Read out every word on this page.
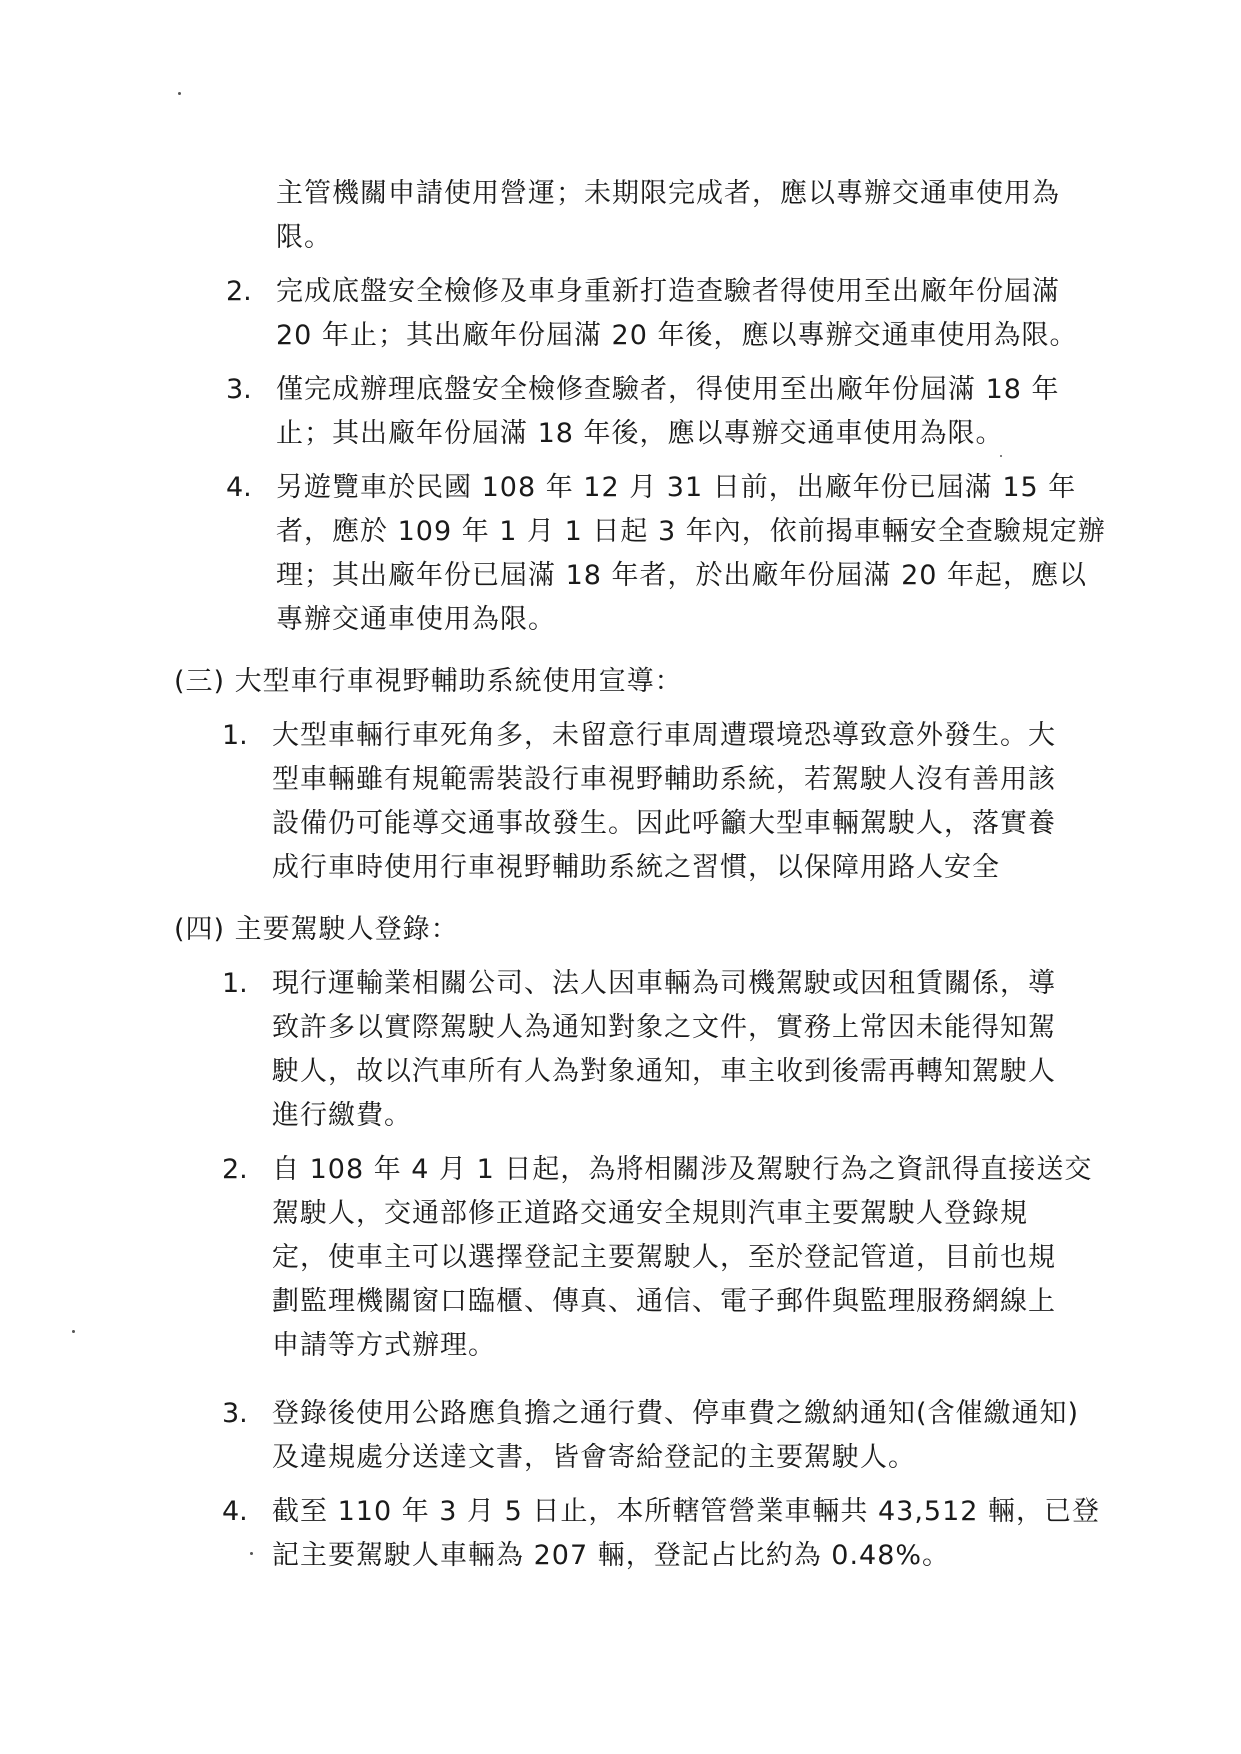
主管機關申請使用營運；未期限完成者，應以專辦交通車使用為
限。
2. 完成底盤安全檢修及車身重新打造查驗者得使用至出廠年份屆滿
20 年止；其出廠年份屆滿 20 年後，應以專辦交通車使用為限。
3. 僅完成辦理底盤安全檢修查驗者，得使用至出廠年份屆滿 18 年
止；其出廠年份屆滿 18 年後，應以專辦交通車使用為限。
4. 另遊覽車於民國 108 年 12 月 31 日前，出廠年份已屆滿 15 年
者，應於 109 年 1 月 1 日起 3 年內，依前揭車輛安全查驗規定辦
理；其出廠年份已屆滿 18 年者，於出廠年份屆滿 20 年起，應以
專辦交通車使用為限。
(三) 大型車行車視野輔助系統使用宣導：
1. 大型車輛行車死角多，未留意行車周遭環境恐導致意外發生。大
型車輛雖有規範需裝設行車視野輔助系統，若駕駛人沒有善用該
設備仍可能導交通事故發生。因此呼籲大型車輛駕駛人，落實養
成行車時使用行車視野輔助系統之習慣，以保障用路人安全
(四) 主要駕駛人登錄：
1. 現行運輸業相關公司、法人因車輛為司機駕駛或因租賃關係，導
致許多以實際駕駛人為通知對象之文件，實務上常因未能得知駕
駛人，故以汽車所有人為對象通知，車主收到後需再轉知駕駛人
進行繳費。
2. 自 108 年 4 月 1 日起，為將相關涉及駕駛行為之資訊得直接送交
駕駛人，交通部修正道路交通安全規則汽車主要駕駛人登錄規
定，使車主可以選擇登記主要駕駛人，至於登記管道，目前也規
劃監理機關窗口臨櫃、傳真、通信、電子郵件與監理服務網線上
申請等方式辦理。
3. 登錄後使用公路應負擔之通行費、停車費之繳納通知(含催繳通知)
及違規處分送達文書，皆會寄給登記的主要駕駛人。
4. 截至 110 年 3 月 5 日止，本所轄管營業車輛共 43,512 輛，已登
記主要駕駛人車輛為 207 輛，登記占比約為 0.48%。
